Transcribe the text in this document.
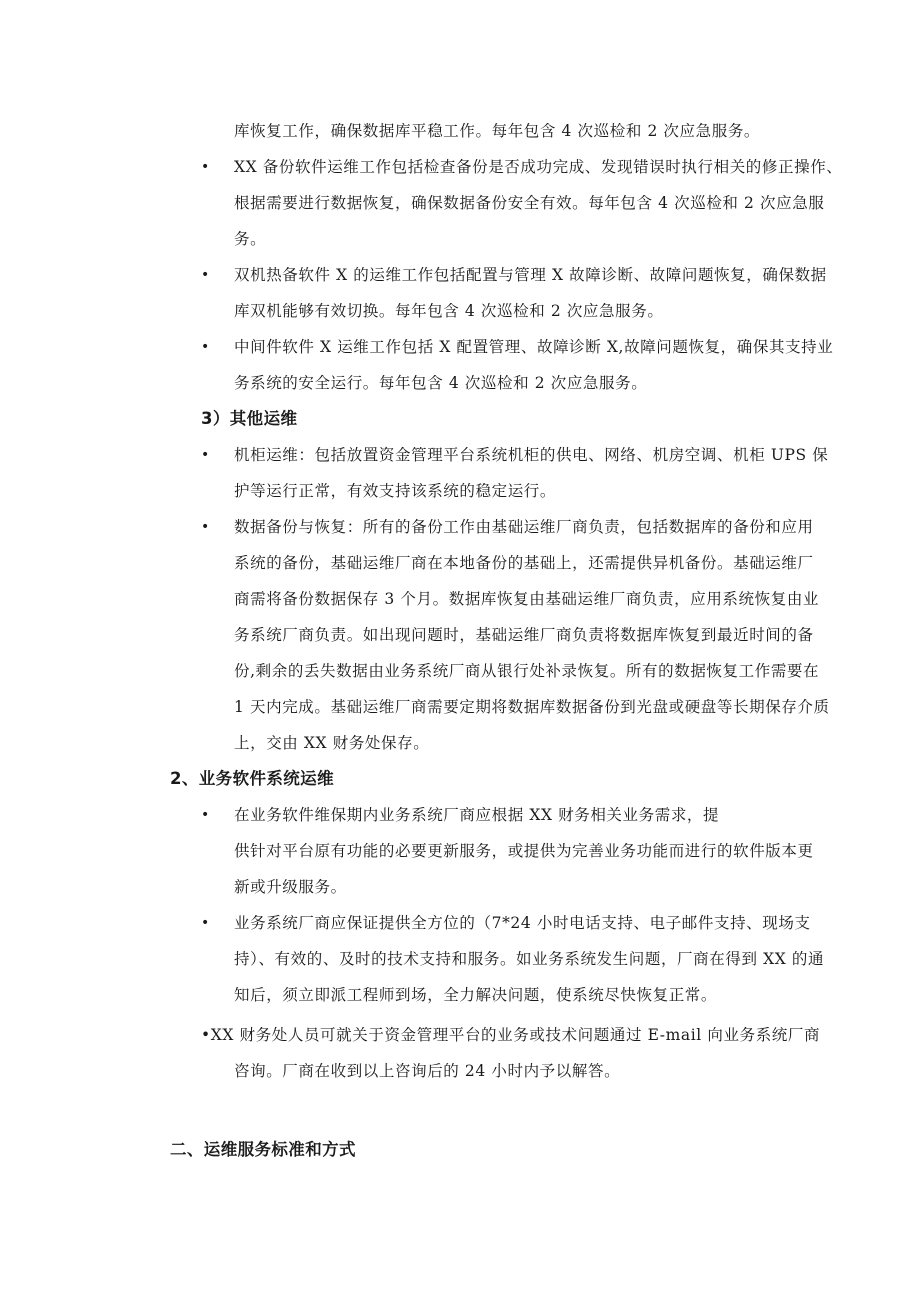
库恢复工作，确保数据库平稳工作。每年包含 4 次巡检和 2 次应急服务。
• XX 备份软件运维工作包括检查备份是否成功完成、发现错误时执行相关的修正操作、
根据需要进行数据恢复，确保数据备份安全有效。每年包含 4 次巡检和 2 次应急服
务。
• 双机热备软件 X 的运维工作包括配置与管理 X 故障诊断、故障问题恢复，确保数据
库双机能够有效切换。每年包含 4 次巡检和 2 次应急服务。
• 中间件软件 X 运维工作包括 X 配置管理、故障诊断 X,故障问题恢复，确保其支持业
务系统的安全运行。每年包含 4 次巡检和 2 次应急服务。
3）其他运维
• 机柜运维：包括放置资金管理平台系统机柜的供电、网络、机房空调、机柜 UPS 保
护等运行正常，有效支持该系统的稳定运行。
• 数据备份与恢复：所有的备份工作由基础运维厂商负责，包括数据库的备份和应用
系统的备份，基础运维厂商在本地备份的基础上，还需提供异机备份。基础运维厂
商需将备份数据保存 3 个月。数据库恢复由基础运维厂商负责，应用系统恢复由业
务系统厂商负责。如出现问题时，基础运维厂商负责将数据库恢复到最近时间的备
份,剩余的丢失数据由业务系统厂商从银行处补录恢复。所有的数据恢复工作需要在
1 天内完成。基础运维厂商需要定期将数据库数据备份到光盘或硬盘等长期保存介质
上，交由 XX 财务处保存。
2、业务软件系统运维
• 在业务软件维保期内业务系统厂商应根据 XX 财务相关业务需求，提
供针对平台原有功能的必要更新服务，或提供为完善业务功能而进行的软件版本更
新或升级服务。
• 业务系统厂商应保证提供全方位的（7*24 小时电话支持、电子邮件支持、现场支
持）、有效的、及时的技术支持和服务。如业务系统发生问题，厂商在得到 XX 的通
知后，须立即派工程师到场，全力解决问题，使系统尽快恢复正常。
•XX 财务处人员可就关于资金管理平台的业务或技术问题通过 E-mail 向业务系统厂商
咨询。厂商在收到以上咨询后的 24 小时内予以解答。
二、运维服务标准和方式
